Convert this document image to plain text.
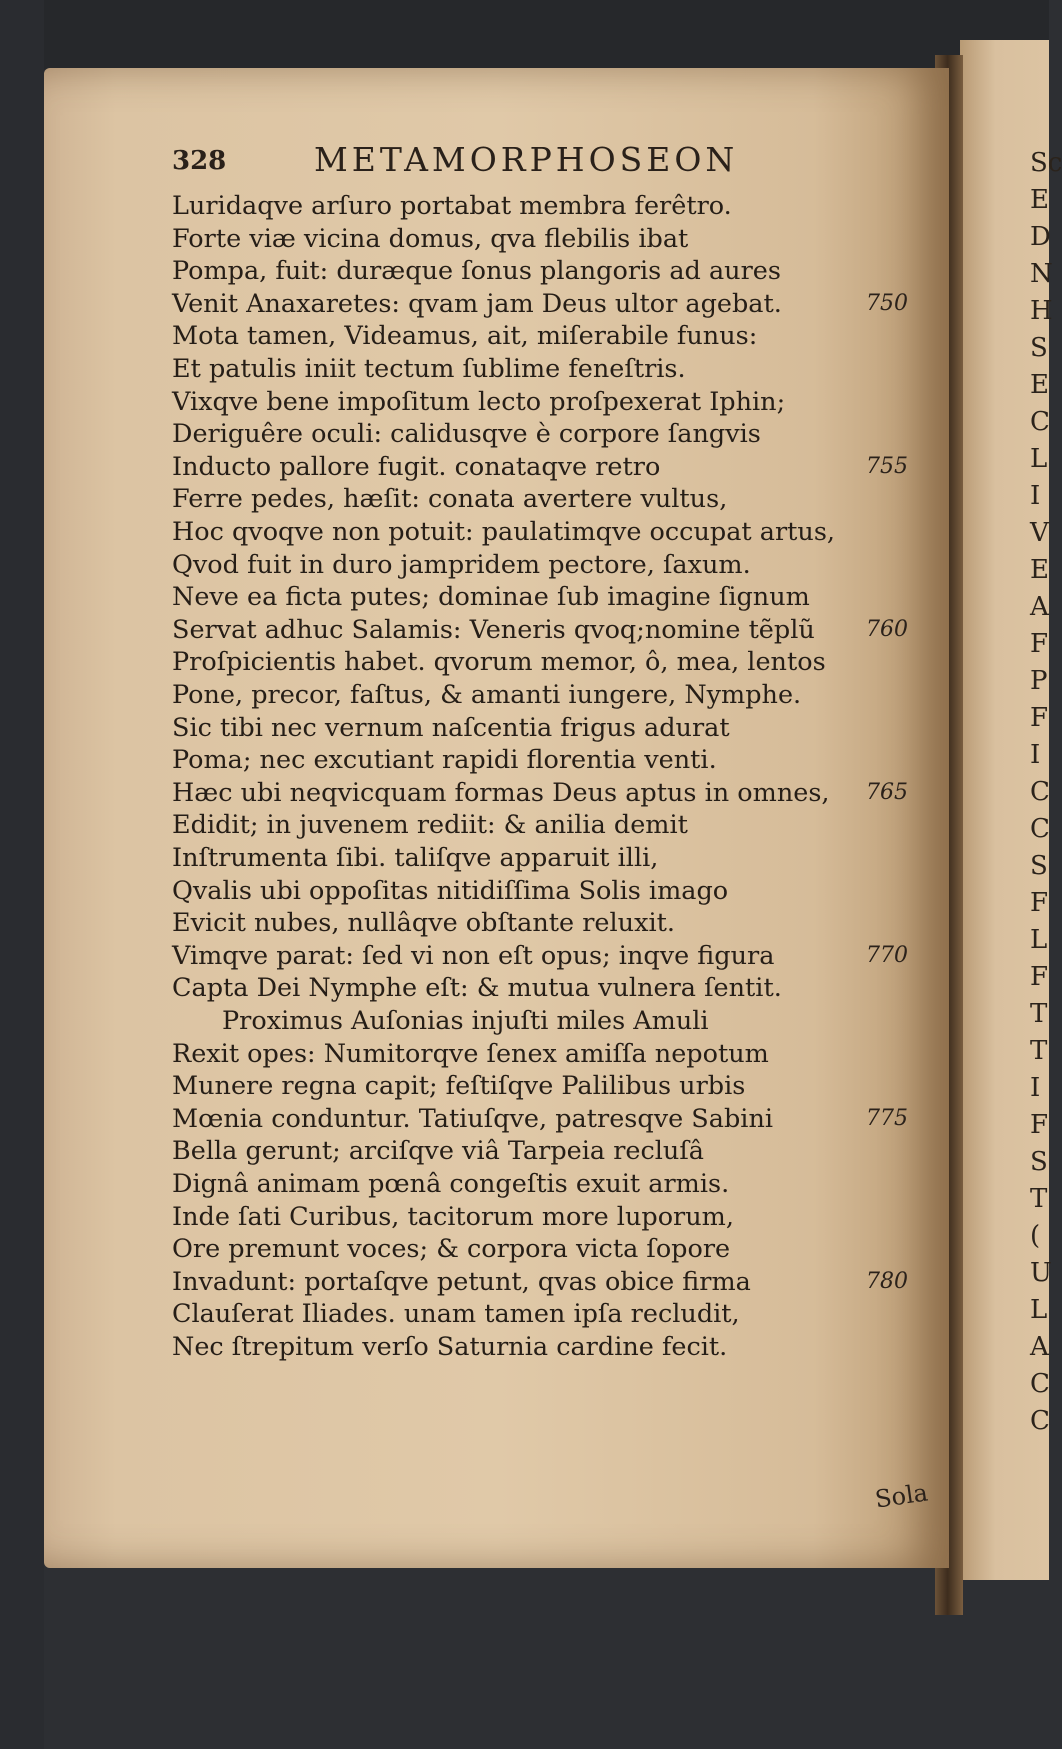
Sc
E
D
N
H
S
E
C
L
I
V
E
A
F
P
F
I
C
C
S
F
L
F
T
T
I
F
S
T
(
U
L
A
C
C
328	METAMORPHOSEON
Luridaqve arſuro portabat membra ferêtro.
Forte viæ vicina domus, qva flebilis ibat
Pompa, fuit: duræque ſonus plangoris ad aures
Venit Anaxaretes: qvam jam Deus ultor agebat.	750
Mota tamen, Videamus, ait, miſerabile funus:
Et patulis iniit tectum ſublime feneſtris.
Vixqve bene impoſitum lecto proſpexerat Iphin;
Deriguêre oculi: calidusqve è corpore ſangvis
Inducto pallore fugit. conataqve retro	755
Ferre pedes, hæſit: conata avertere vultus,
Hoc qvoqve non potuit: paulatimqve occupat artus,
Qvod fuit in duro jampridem pectore, ſaxum.
Neve ea ficta putes; dominae ſub imagine ſignum
Servat adhuc Salamis: Veneris qvoq;nomine tẽplũ 760
Proſpicientis habet. qvorum memor, ô, mea, lentos
Pone, precor, faſtus, & amanti iungere, Nymphe.
Sic tibi nec vernum naſcentia frigus adurat
Poma; nec excutiant rapidi florentia venti.
Hæc ubi neqvicquam formas Deus aptus in omnes, 765
Edidit; in juvenem rediit: & anilia demit
Inſtrumenta ſibi. taliſqve apparuit illi,
Qvalis ubi oppoſitas nitidiſſima Solis imago
Evicit nubes, nullâqve obſtante reluxit.
Vimqve parat: ſed vi non eſt opus; inqve figura	770
Capta Dei Nymphe eſt: & mutua vulnera ſentit.
Proximus Auſonias injuſti miles Amuli
Rexit opes: Numitorqve ſenex amiſſa nepotum
Munere regna capit; feſtiſqve Palilibus urbis
Mœnia conduntur. Tatiuſqve, patresqve Sabini	775
Bella gerunt; arciſqve viâ Tarpeia recluſâ
Dignâ animam pœnâ congeſtis exuit armis.
Inde ſati Curibus, tacitorum more luporum,
Ore premunt voces; & corpora victa ſopore
Invadunt: portaſqve petunt, qvas obice firma	780
Clauſerat Iliades. unam tamen ipſa recludit,
Nec ſtrepitum verſo Saturnia cardine fecit.
Sola
